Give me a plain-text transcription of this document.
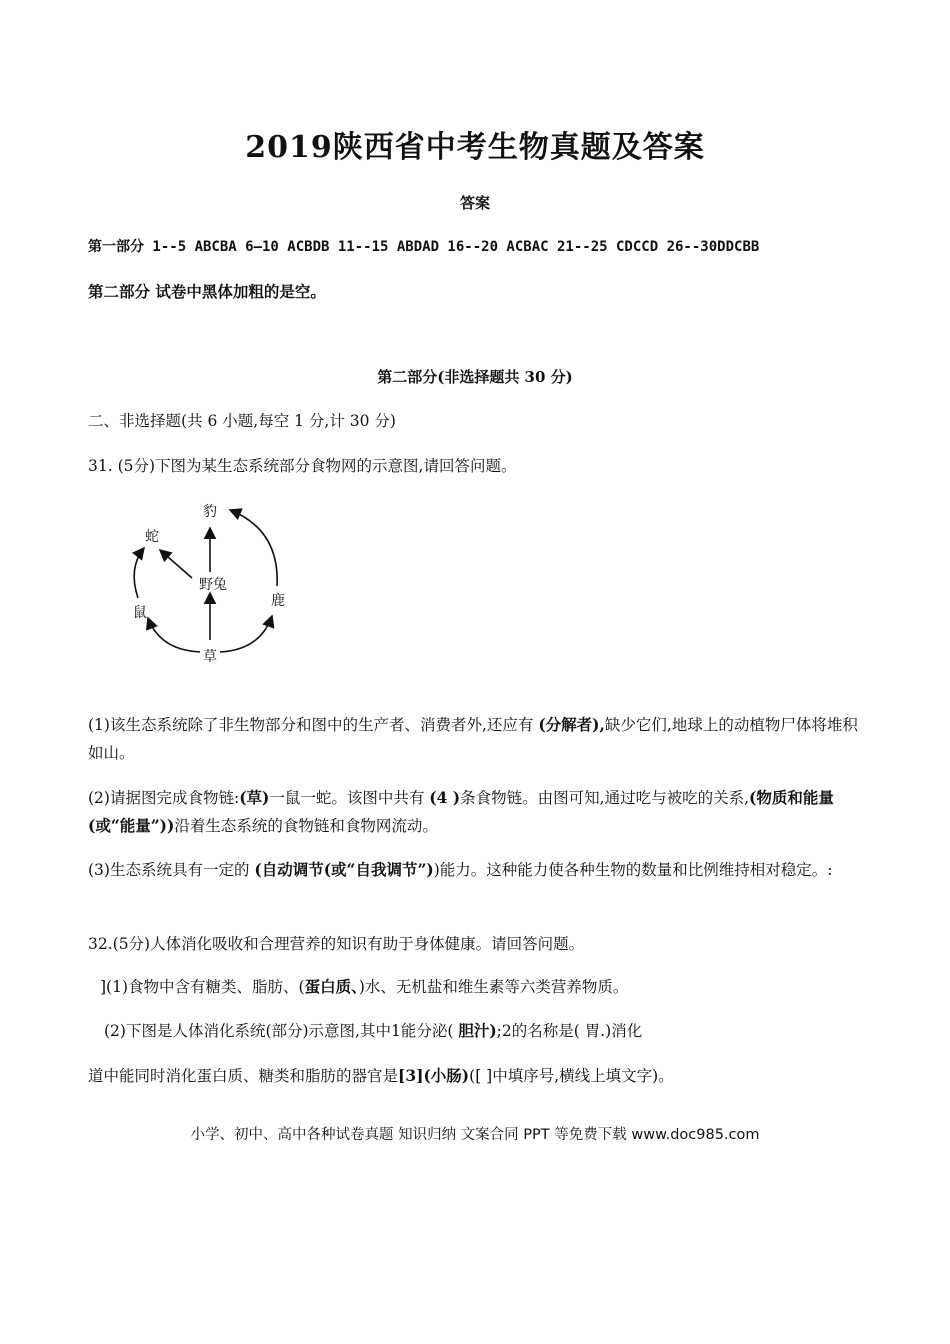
2019陕西省中考生物真题及答案
答案
第一部分 1--5 ABCBA 6—10 ACBDB 11--15 ABDAD 16--20 ACBAC 21--25 CDCCD 26--30DDCBB
第二部分 试卷中黑体加粗的是空。
第二部分(非选择题共 30 分)
二、非选择题(共 6 小题,每空 1 分,计 30 分)
31. (5分)下图为某生态系统部分食物网的示意图,请回答问题。
豹
蛇
野兔
鹿
鼠
草
(1)该生态系统除了非生物部分和图中的生产者、消费者外,还应有 (分解者),缺少它们,地球上的动植物尸体将堆积如山。
(2)请据图完成食物链:(草)一鼠一蛇。该图中共有 (4 )条食物链。由图可知,通过吃与被吃的关系,(物质和能量(或“能量”))沿着生态系统的食物链和食物网流动。
(3)生态系统具有一定的 (自动调节(或“自我调节”))能力。这种能力使各种生物的数量和比例维持相对稳定。:
32.(5分)人体消化吸收和合理营养的知识有助于身体健康。请回答问题。
](1)食物中含有糖类、脂肪、(蛋白质、)水、无机盐和维生素等六类营养物质。
(2)下图是人体消化系统(部分)示意图,其中1能分泌( 胆汁);2的名称是( 胃.)消化
道中能同时消化蛋白质、糖类和脂肪的器官是[3](小肠)([ ]中填序号,横线上填文字)。
小学、初中、高中各种试卷真题 知识归纳 文案合同 PPT 等免费下载 www.doc985.com
